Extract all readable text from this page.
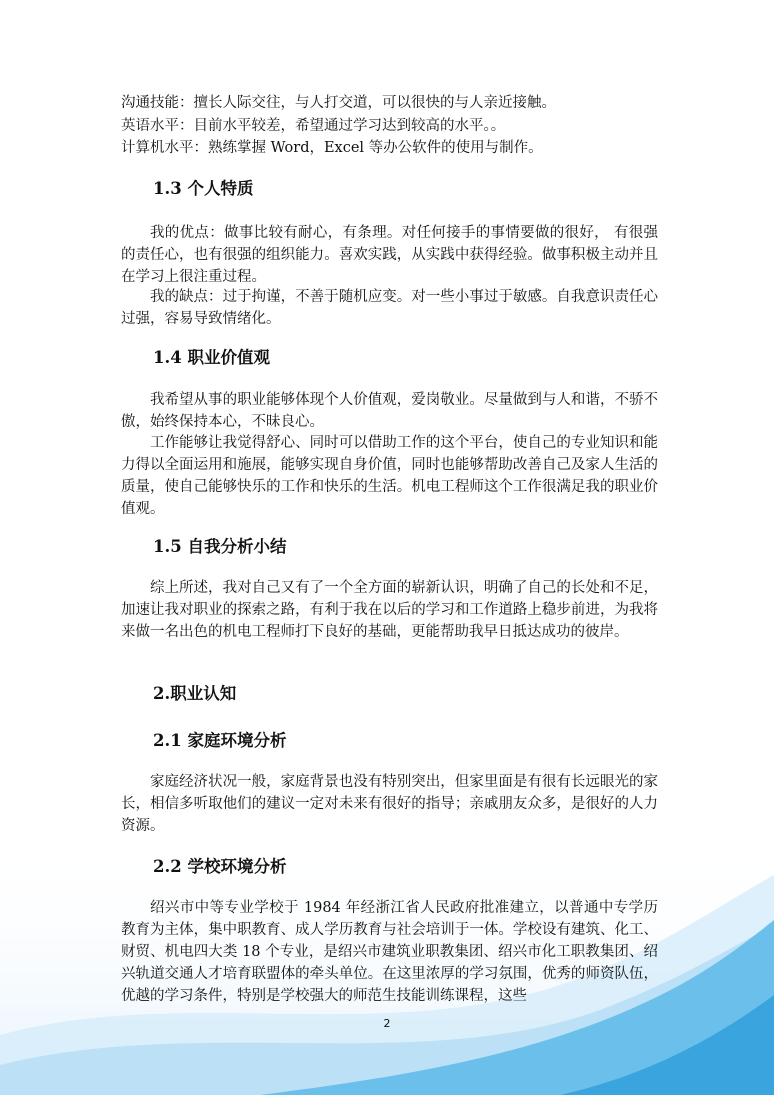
沟通技能：擅长人际交往，与人打交道，可以很快的与人亲近接触。
英语水平：目前水平较差，希望通过学习达到较高的水平。。
计算机水平：熟练掌握 Word，Excel 等办公软件的使用与制作。
1.3 个人特质
我的优点：做事比较有耐心，有条理。对任何接手的事情要做的很好， 有很强的责任心，也有很强的组织能力。喜欢实践，从实践中获得经验。做事积极主动并且在学习上很注重过程。
我的缺点：过于拘谨，不善于随机应变。对一些小事过于敏感。自我意识责任心过强，容易导致情绪化。
1.4 职业价值观
我希望从事的职业能够体现个人价值观，爱岗敬业。尽量做到与人和谐，不骄不傲，始终保持本心，不昧良心。
工作能够让我觉得舒心、同时可以借助工作的这个平台，使自己的专业知识和能力得以全面运用和施展，能够实现自身价值，同时也能够帮助改善自己及家人生活的质量，使自己能够快乐的工作和快乐的生活。机电工程师这个工作很满足我的职业价值观。
1.5 自我分析小结
综上所述，我对自己又有了一个全方面的崭新认识，明确了自己的长处和不足，加速让我对职业的探索之路，有利于我在以后的学习和工作道路上稳步前进，为我将来做一名出色的机电工程师打下良好的基础，更能帮助我早日抵达成功的彼岸。
2.职业认知
2.1 家庭环境分析
家庭经济状况一般，家庭背景也没有特别突出，但家里面是有很有长远眼光的家长，相信多听取他们的建议一定对未来有很好的指导；亲戚朋友众多，是很好的人力资源。
2.2 学校环境分析
绍兴市中等专业学校于 1984 年经浙江省人民政府批准建立，以普通中专学历教育为主体，集中职教育、成人学历教育与社会培训于一体。学校设有建筑、化工、财贸、机电四大类 18 个专业，是绍兴市建筑业职教集团、绍兴市化工职教集团、绍兴轨道交通人才培育联盟体的牵头单位。在这里浓厚的学习氛围，优秀的师资队伍，优越的学习条件，特别是学校强大的师范生技能训练课程，这些
2
